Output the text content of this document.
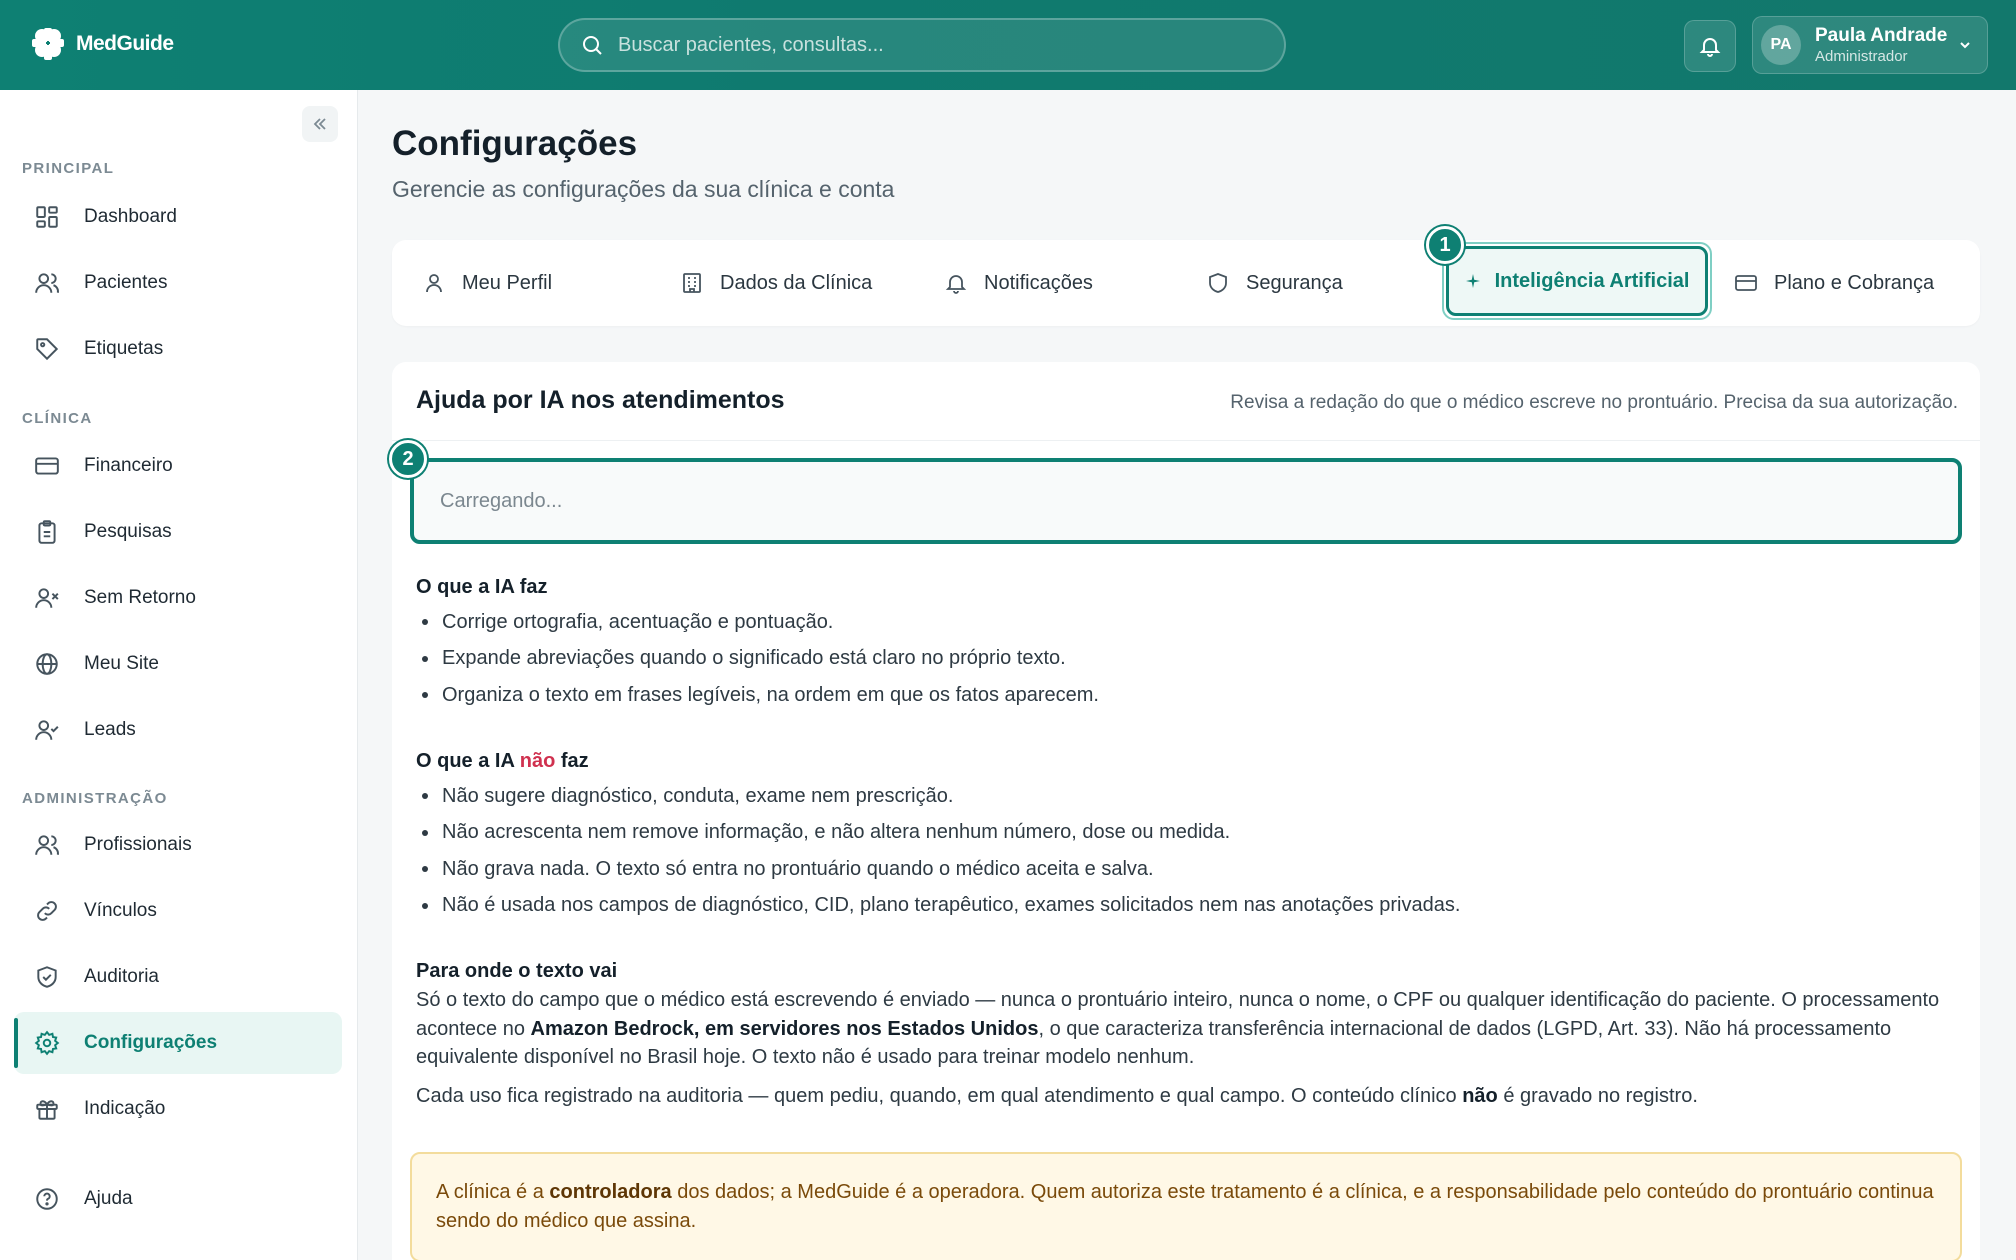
MedGuide
Buscar pacientes, consultas...	PA	Paula Andrade
Administrador
PRINCIPAL
Dashboard
Pacientes
Etiquetas
CLÍNICA
Financeiro
Pesquisas
Sem Retorno
Meu Site
Leads
ADMINISTRAÇÃO
Profissionais
Vínculos
Auditoria
Configurações
Indicação
Ajuda
Configurações

Gerencie as configurações da sua clínica e conta

Meu Perfil	Dados da Clínica	Notificações	Segurança	Inteligência Artificial
1
Plano e Cobrança
Ajuda por IA nos atendimentos	Revisa a redação do que o médico escreve no prontuário. Precisa da sua autorização.

Carregando...
O que a IA faz
Corrige ortografia, acentuação e pontuação.
Expande abreviações quando o significado está claro no próprio texto.
Organiza o texto em frases legíveis, na ordem em que os fatos aparecem.
O que a IA não faz
Não sugere diagnóstico, conduta, exame nem prescrição.
Não acrescenta nem remove informação, e não altera nenhum número, dose ou medida.
Não grava nada. O texto só entra no prontuário quando o médico aceita e salva.
Não é usada nos campos de diagnóstico, CID, plano terapêutico, exames solicitados nem nas anotações privadas.
Para onde o texto vai

Só o texto do campo que o médico está escrevendo é enviado — nunca o prontuário inteiro, nunca o nome, o CPF ou qualquer identificação do paciente. O processamento acontece no Amazon Bedrock, em servidores nos Estados Unidos, o que caracteriza transferência internacional de dados (LGPD, Art. 33). Não há processamento equivalente disponível no Brasil hoje. O texto não é usado para treinar modelo nenhum.

Cada uso fica registrado na auditoria — quem pediu, quando, em qual atendimento e qual campo. O conteúdo clínico não é gravado no registro.

A clínica é a controladora dos dados; a MedGuide é a operadora. Quem autoriza este tratamento é a clínica, e a responsabilidade pelo conteúdo do prontuário continua sendo do médico que assina.
2
